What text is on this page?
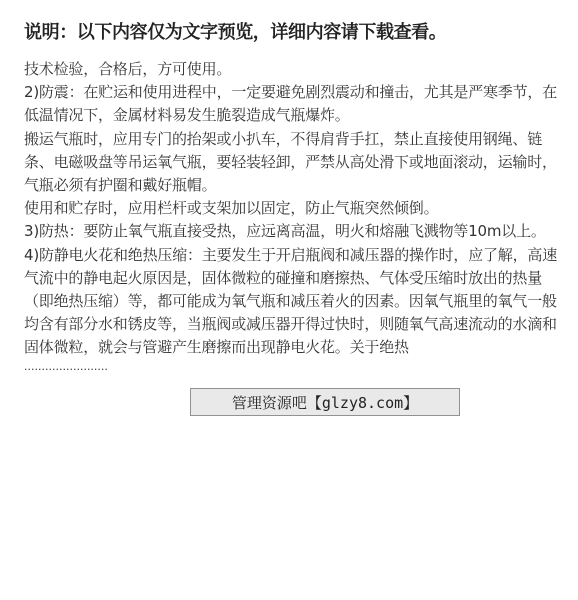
说明：以下内容仅为文字预览，详细内容请下载查看。

技术检验，合格后，方可使用。

2)防震：在贮运和使用进程中，一定要避免剧烈震动和撞击，尤其是严寒季节，在低温情况下，金属材料易发生脆裂造成气瓶爆炸。

搬运气瓶时，应用专门的抬架或小扒车，不得肩背手扛，禁止直接使用钢绳、链条、电磁吸盘等吊运氧气瓶，要轻装轻卸，严禁从高处滑下或地面滚动，运输时，气瓶必须有护圈和戴好瓶帽。

使用和贮存时，应用栏杆或支架加以固定，防止气瓶突然倾倒。

3)防热：要防止氧气瓶直接受热，应远离高温，明火和熔融飞溅物等10m以上。

4)防静电火花和绝热压缩：主要发生于开启瓶阀和减压器的操作时，应了解，高速气流中的静电起火原因是，固体微粒的碰撞和磨擦热、气体受压缩时放出的热量（即绝热压缩）等，都可能成为氧气瓶和减压着火的因素。因氧气瓶里的氧气一般均含有部分水和锈皮等，当瓶阀或减压器开得过快时，则随氧气高速流动的水滴和固体微粒，就会与管避产生磨擦而出现静电火花。关于绝热

························

管理资源吧【glzy8.com】
